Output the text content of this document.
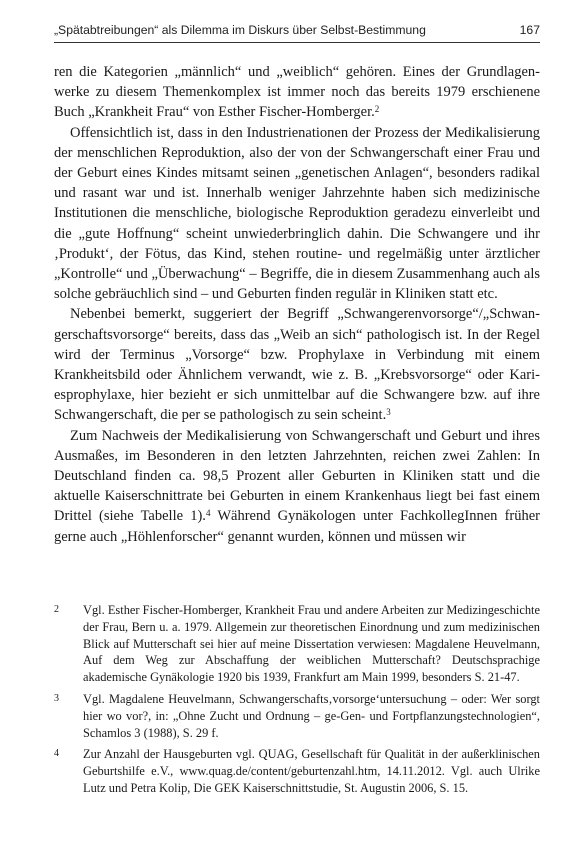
„Spätabtreibungen“ als Dilemma im Diskurs über Selbst-Bestimmung	167

ren die Kategorien „männlich“ und „weiblich“ gehören. Eines der Grundlagenwerke zu diesem Themenkomplex ist immer noch das bereits 1979 erschienene Buch „Krankheit Frau“ von Esther Fischer-Homberger.$^2$

Offensichtlich ist, dass in den Industrienationen der Prozess der Medikalisierung der menschlichen Reproduktion, also der von der Schwangerschaft einer Frau und der Geburt eines Kindes mitsamt seinen „genetischen Anlagen“, besonders radikal und rasant war und ist. Innerhalb weniger Jahrzehnte haben sich medizinische Institutionen die menschliche, biologische Reproduktion geradezu einverleibt und die „gute Hoffnung“ scheint unwiederbringlich dahin. Die Schwangere und ihr ‚Produkt‘, der Fötus, das Kind, stehen routine- und regelmäßig unter ärztlicher „Kontrolle“ und „Überwachung“ – Begriffe, die in diesem Zusammenhang auch als solche gebräuchlich sind – und Geburten finden regulär in Kliniken statt etc.

Nebenbei bemerkt, suggeriert der Begriff „Schwangerenvorsorge“/„Schwangerschaftsvorsorge“ bereits, dass das „Weib an sich“ pathologisch ist. In der Regel wird der Terminus „Vorsorge“ bzw. Prophylaxe in Verbindung mit einem Krankheitsbild oder Ähnlichem verwandt, wie z. B. „Krebsvorsorge“ oder Kariesprophylaxe, hier bezieht er sich unmittelbar auf die Schwangere bzw. auf ihre Schwangerschaft, die per se pathologisch zu sein scheint.$^3$

Zum Nachweis der Medikalisierung von Schwangerschaft und Geburt und ihres Ausmaßes, im Besonderen in den letzten Jahrzehnten, reichen zwei Zahlen: In Deutschland finden ca. 98,5 Prozent aller Geburten in Kliniken statt und die aktuelle Kaiserschnittrate bei Geburten in einem Krankenhaus liegt bei fast einem Drittel (siehe Tabelle 1).$^4$ Während Gynäkologen unter FachkollegInnen früher gerne auch „Höhlenforscher“ genannt wurden, können und müssen wir

2 Vgl. Esther Fischer-Homberger, Krankheit Frau und andere Arbeiten zur Medizingeschichte der Frau, Bern u. a. 1979. Allgemein zur theoretischen Einordnung und zum medizinischen Blick auf Mutterschaft sei hier auf meine Dissertation verwiesen: Magdalene Heuvelmann, Auf dem Weg zur Abschaffung der weiblichen Mutterschaft? Deutschsprachige akademische Gynäkologie 1920 bis 1939, Frankfurt am Main 1999, besonders S. 21-47.
3 Vgl. Magdalene Heuvelmann, Schwangerschafts‚vorsorge‘untersuchung – oder: Wer sorgt hier wo vor?, in: „Ohne Zucht und Ordnung – ge-Gen- und Fortpflanzungstechnologien“, Schamlos 3 (1988), S. 29 f.
4 Zur Anzahl der Hausgeburten vgl. QUAG, Gesellschaft für Qualität in der außerklinischen Geburtshilfe e.V., www.quag.de/content/geburtenzahl.htm, 14.11.2012. Vgl. auch Ulrike Lutz und Petra Kolip, Die GEK Kaiserschnittstudie, St. Augustin 2006, S. 15.
